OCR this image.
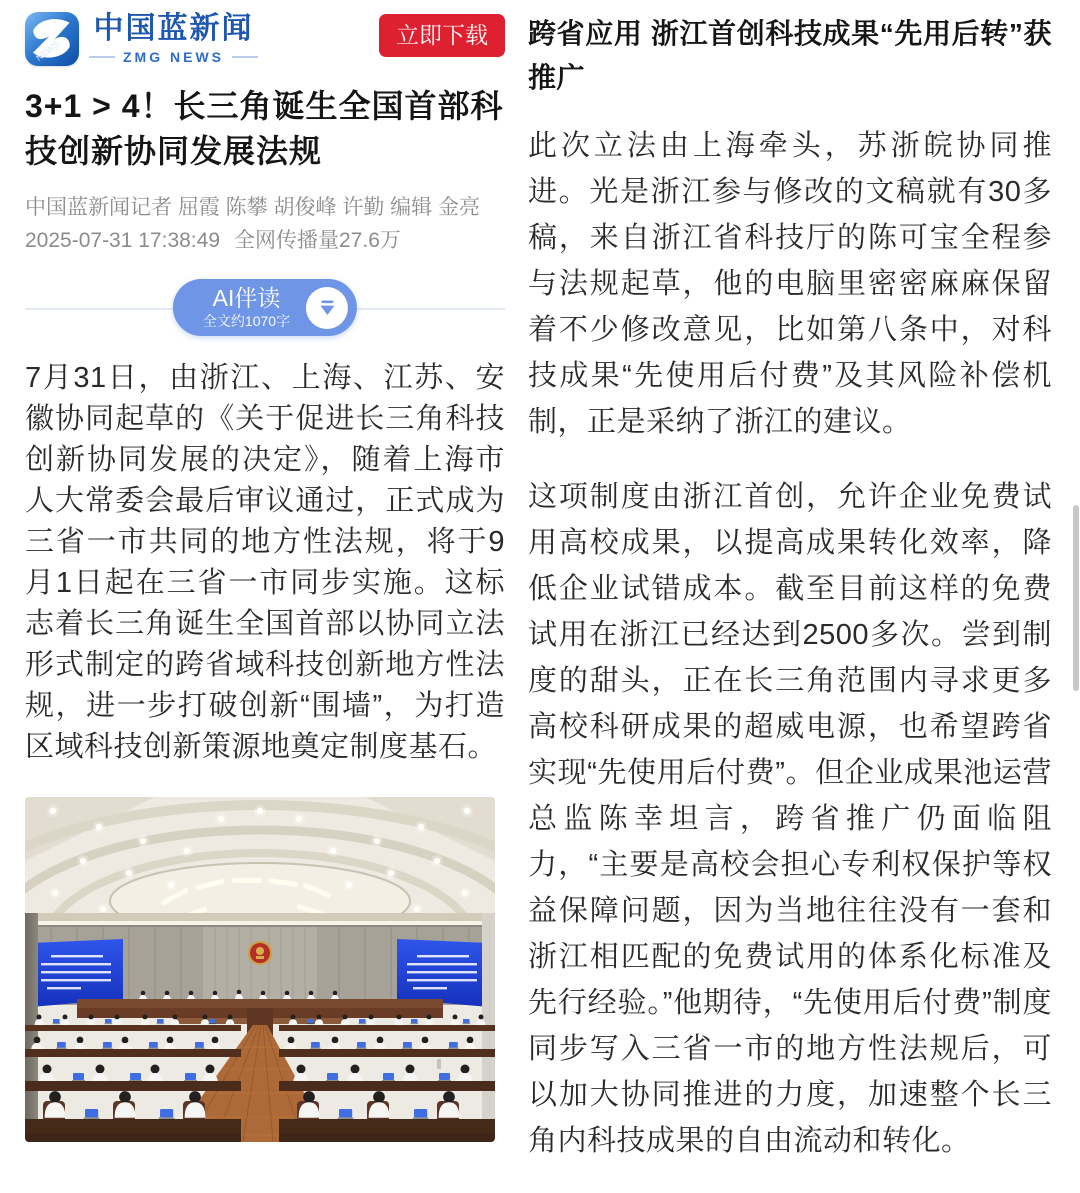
NEWS
中国蓝新闻
ZMG NEWS
立即下载
3+1 > 4！长三角诞生全国首部科技创新协同发展法规
中国蓝新闻记者 屈霞 陈攀 胡俊峰 许勤 编辑 金亮
2025-07-31 17:38:49 全网传播量27.6万
AI伴读
全文约1070字

7月31日，由浙江、上海、江苏、安徽协同起草的《关于促进长三角科技创新协同发展的决定》，随着上海市人大常委会最后审议通过，正式成为三省一市共同的地方性法规，将于9月1日起在三省一市同步实施。这标志着长三角诞生全国首部以协同立法形式制定的跨省域科技创新地方性法规，进一步打破创新“围墙”，为打造区域科技创新策源地奠定制度基石。

跨省应用 浙江首创科技成果“先用后转”获推广

此次立法由上海牵头，苏浙皖协同推进。光是浙江参与修改的文稿就有30多稿，来自浙江省科技厅的陈可宝全程参与法规起草，他的电脑里密密麻麻保留着不少修改意见，比如第八条中，对科技成果“先使用后付费”及其风险补偿机制，正是采纳了浙江的建议。

这项制度由浙江首创，允许企业免费试用高校成果，以提高成果转化效率，降低企业试错成本。截至目前这样的免费试用在浙江已经达到2500多次。尝到制度的甜头，正在长三角范围内寻求更多高校科研成果的超威电源，也希望跨省实现“先使用后付费”。但企业成果池运营总监陈幸坦言，跨省推广仍面临阻力，“主要是高校会担心专利权保护等权益保障问题，因为当地往往没有一套和浙江相匹配的免费试用的体系化标准及先行经验。”他期待，“先使用后付费”制度同步写入三省一市的地方性法规后，可以加大协同推进的力度，加速整个长三角内科技成果的自由流动和转化。
